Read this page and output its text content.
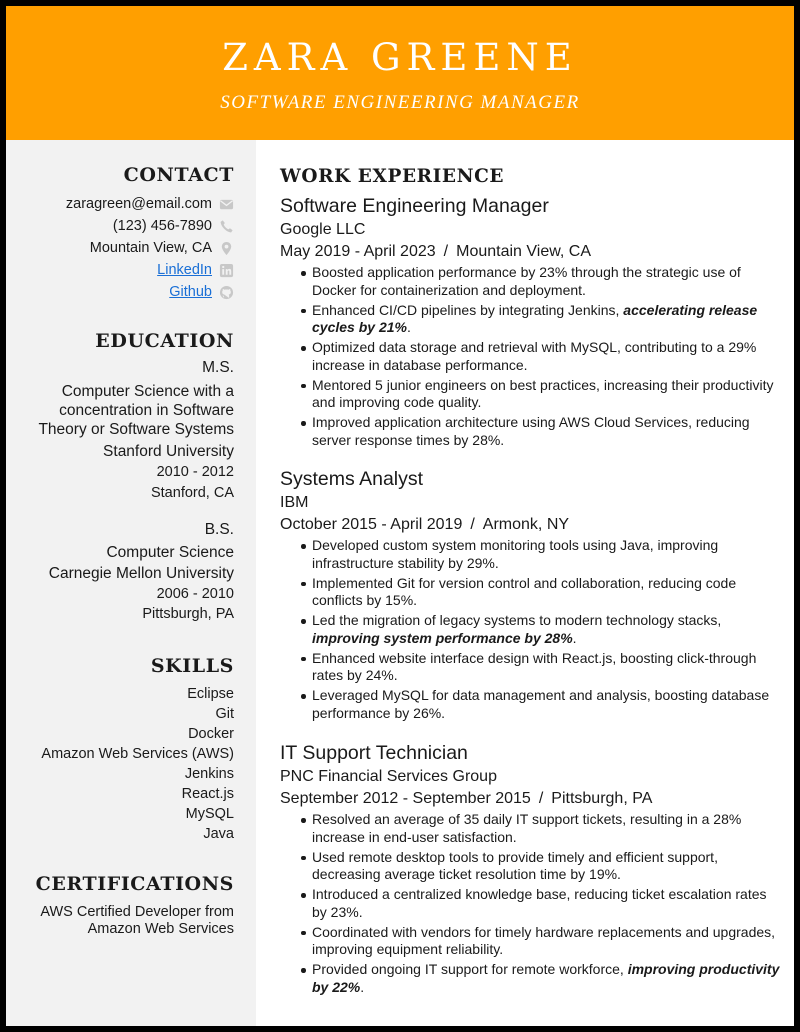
ZARA GREENE
SOFTWARE ENGINEERING MANAGER
CONTACT
zaragreen@email.com
(123) 456-7890
Mountain View, CA
LinkedIn
Github
EDUCATION
M.S.
Computer Science with a
concentration in Software
Theory or Software Systems
Stanford University
2010 - 2012
Stanford, CA
B.S.
Computer Science
Carnegie Mellon University
2006 - 2010
Pittsburgh, PA
SKILLS
Eclipse
Git
Docker
Amazon Web Services (AWS)
Jenkins
React.js
MySQL
Java
CERTIFICATIONS
AWS Certified Developer from
Amazon Web Services
WORK EXPERIENCE
Software Engineering Manager
Google LLC
May 2019 - April 2023 / Mountain View, CA
Boosted application performance by 23% through the strategic use of Docker for containerization and deployment.
Enhanced CI/CD pipelines by integrating Jenkins, accelerating release cycles by 21%.
Optimized data storage and retrieval with MySQL, contributing to a 29% increase in database performance.
Mentored 5 junior engineers on best practices, increasing their productivity and improving code quality.
Improved application architecture using AWS Cloud Services, reducing server response times by 28%.
Systems Analyst
IBM
October 2015 - April 2019 / Armonk, NY
Developed custom system monitoring tools using Java, improving infrastructure stability by 29%.
Implemented Git for version control and collaboration, reducing code conflicts by 15%.
Led the migration of legacy systems to modern technology stacks, improving system performance by 28%.
Enhanced website interface design with React.js, boosting click-through rates by 24%.
Leveraged MySQL for data management and analysis, boosting database performance by 26%.
IT Support Technician
PNC Financial Services Group
September 2012 - September 2015 / Pittsburgh, PA
Resolved an average of 35 daily IT support tickets, resulting in a 28% increase in end-user satisfaction.
Used remote desktop tools to provide timely and efficient support, decreasing average ticket resolution time by 19%.
Introduced a centralized knowledge base, reducing ticket escalation rates by 23%.
Coordinated with vendors for timely hardware replacements and upgrades, improving equipment reliability.
Provided ongoing IT support for remote workforce, improving productivity by 22%.
